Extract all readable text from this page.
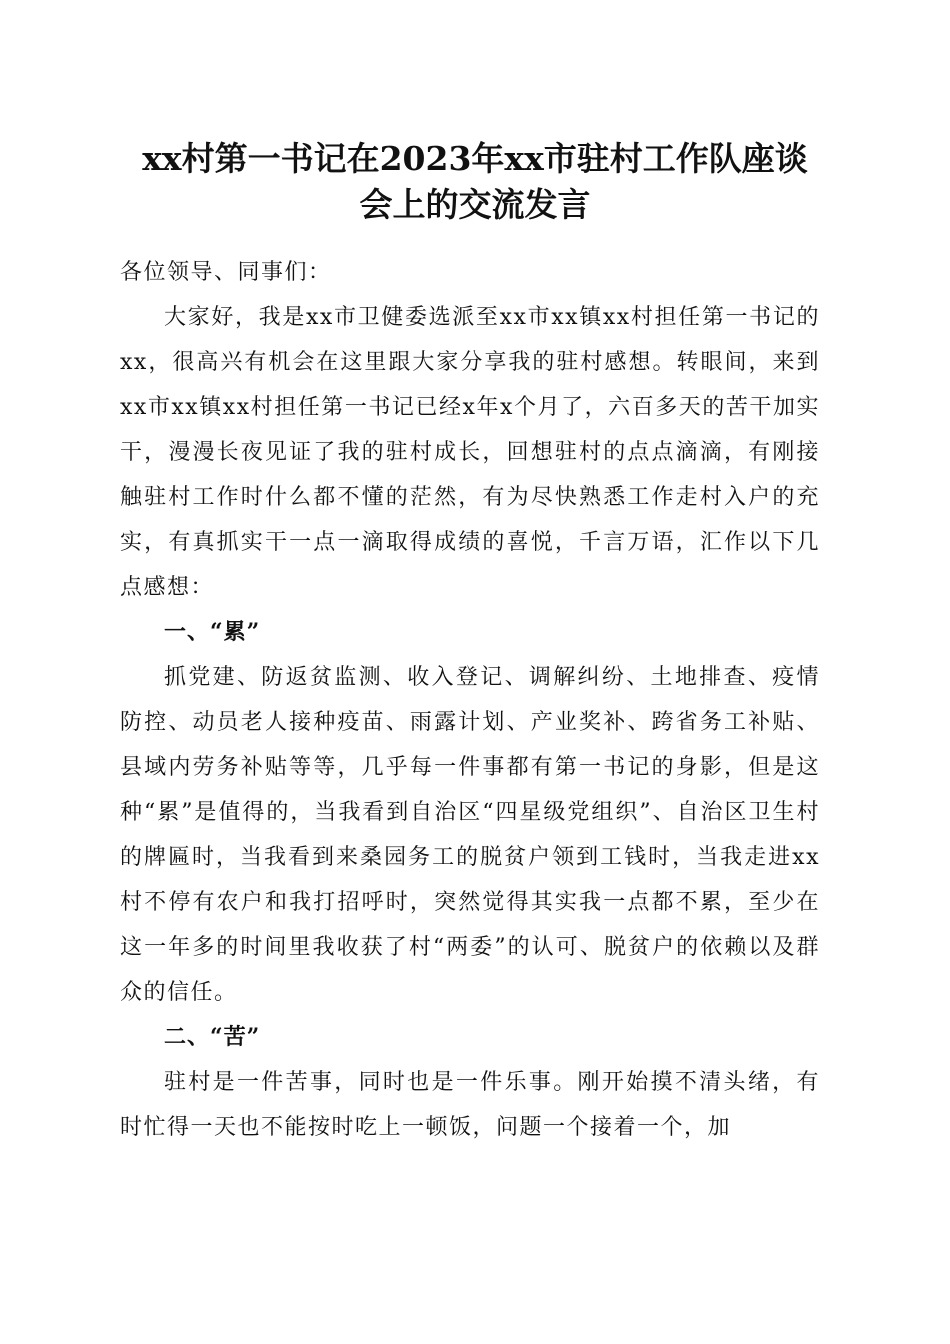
xx村第一书记在2023年xx市驻村工作队座谈
会上的交流发言

各位领导、同事们：

大家好，我是xx市卫健委选派至xx市xx镇xx村担任第一书记的xx，很高兴有机会在这里跟大家分享我的驻村感想。转眼间，来到xx市xx镇xx村担任第一书记已经x年x个月了，六百多天的苦干加实干，漫漫长夜见证了我的驻村成长，回想驻村的点点滴滴，有刚接触驻村工作时什么都不懂的茫然，有为尽快熟悉工作走村入户的充实，有真抓实干一点一滴取得成绩的喜悦，千言万语，汇作以下几点感想：

一、“累”

抓党建、防返贫监测、收入登记、调解纠纷、土地排查、疫情防控、动员老人接种疫苗、雨露计划、产业奖补、跨省务工补贴、县域内劳务补贴等等，几乎每一件事都有第一书记的身影，但是这种“累”是值得的，当我看到自治区“四星级党组织”、自治区卫生村的牌匾时，当我看到来桑园务工的脱贫户领到工钱时，当我走进xx村不停有农户和我打招呼时，突然觉得其实我一点都不累，至少在这一年多的时间里我收获了村“两委”的认可、脱贫户的依赖以及群众的信任。

二、“苦”

驻村是一件苦事，同时也是一件乐事。刚开始摸不清头绪，有时忙得一天也不能按时吃上一顿饭，问题一个接着一个，加
